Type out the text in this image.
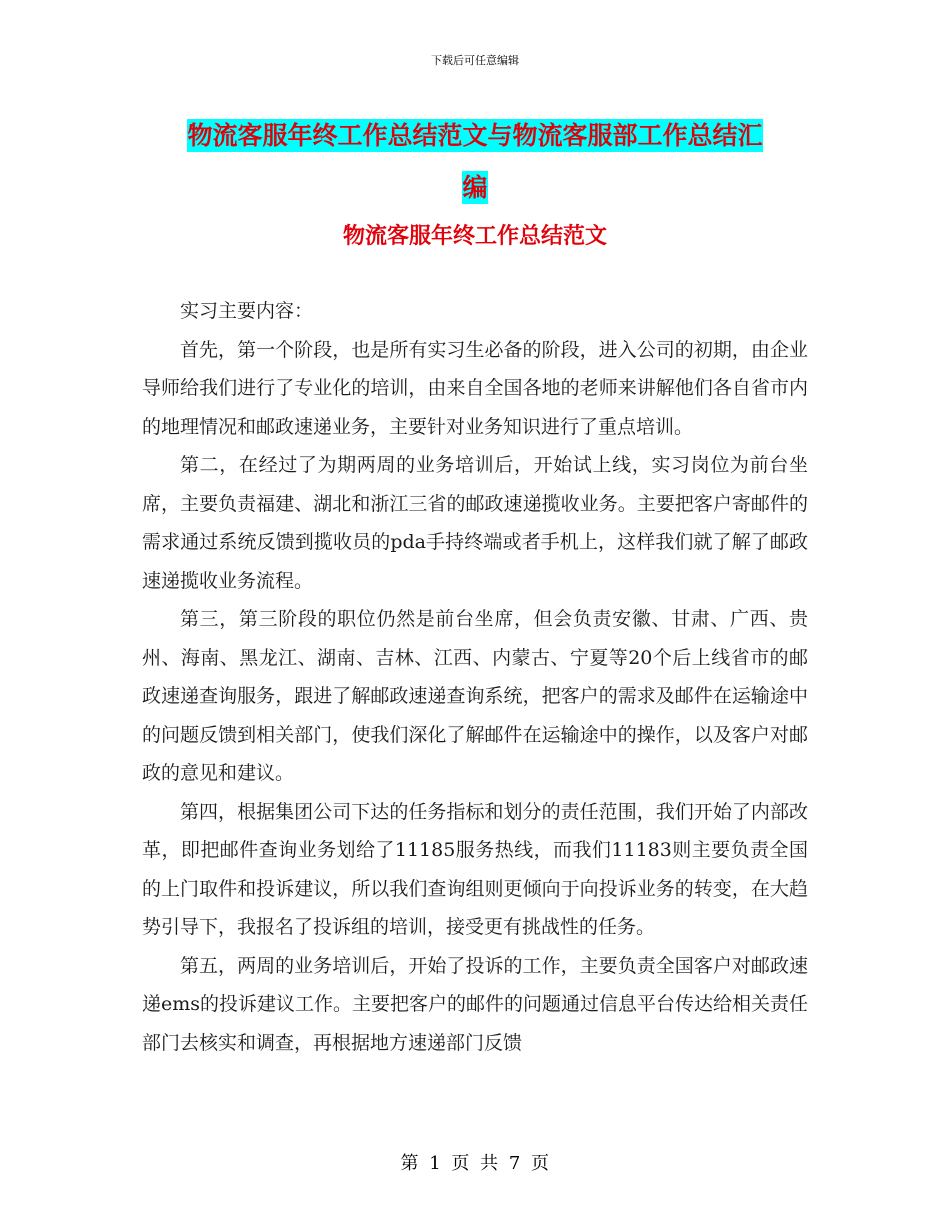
下载后可任意编辑
物流客服年终工作总结范文与物流客服部工作总结汇
编
物流客服年终工作总结范文

实习主要内容：

首先，第一个阶段，也是所有实习生必备的阶段，进入公司的初期，由企业导师给我们进行了专业化的培训，由来自全国各地的老师来讲解他们各自省市内的地理情况和邮政速递业务，主要针对业务知识进行了重点培训。

第二，在经过了为期两周的业务培训后，开始试上线，实习岗位为前台坐席，主要负责福建、湖北和浙江三省的邮政速递揽收业务。主要把客户寄邮件的需求通过系统反馈到揽收员的pda手持终端或者手机上，这样我们就了解了邮政速递揽收业务流程。

第三，第三阶段的职位仍然是前台坐席，但会负责安徽、甘肃、广西、贵州、海南、黑龙江、湖南、吉林、江西、内蒙古、宁夏等20个后上线省市的邮政速递查询服务，跟进了解邮政速递查询系统，把客户的需求及邮件在运输途中的问题反馈到相关部门，使我们深化了解邮件在运输途中的操作，以及客户对邮政的意见和建议。

第四，根据集团公司下达的任务指标和划分的责任范围，我们开始了内部改革，即把邮件查询业务划给了11185服务热线，而我们11183则主要负责全国的上门取件和投诉建议，所以我们查询组则更倾向于向投诉业务的转变，在大趋势引导下，我报名了投诉组的培训，接受更有挑战性的任务。

第五，两周的业务培训后，开始了投诉的工作，主要负责全国客户对邮政速递ems的投诉建议工作。主要把客户的邮件的问题通过信息平台传达给相关责任部门去核实和调查，再根据地方速递部门反馈

第 1 页 共 7 页
